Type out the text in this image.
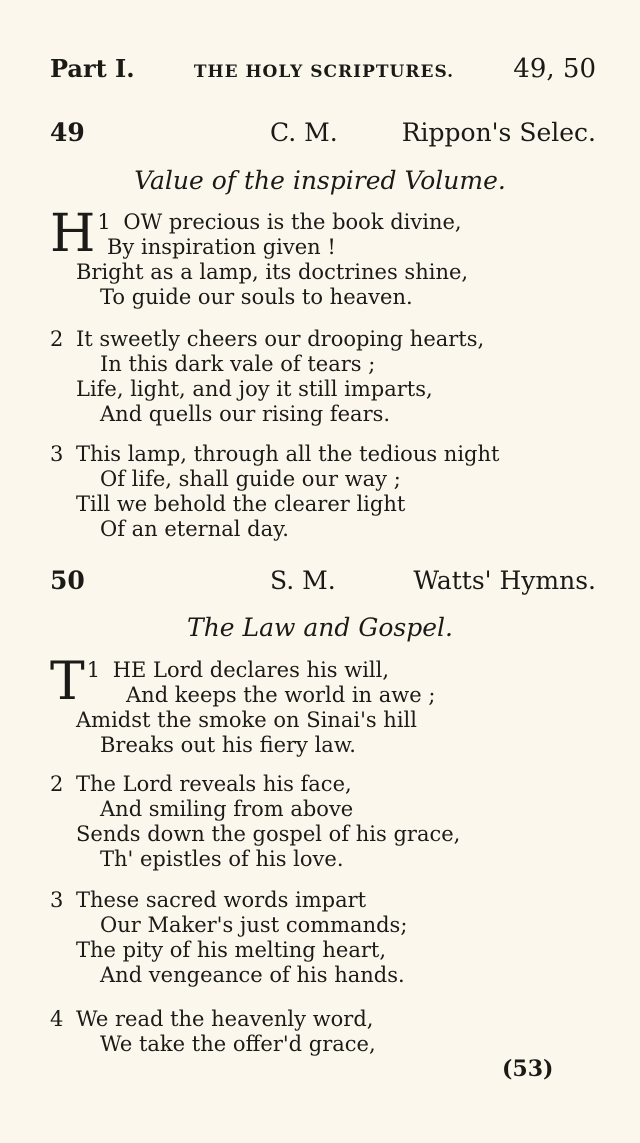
Part I.	THE HOLY SCRIPTURES. 49, 50
49	C. M.	Rippon's Selec.
Value of the inspired Volume.
1
H OW precious is the book divine,
By inspiration given !
Bright as a lamp, its doctrines shine,
To guide our souls to heaven.
2 It sweetly cheers our drooping hearts,
In this dark vale of tears ;
Life, light, and joy it still imparts,
And quells our rising fears.
3 This lamp, through all the tedious night
Of life, shall guide our way ;
Till we behold the clearer light
Of an eternal day.
50	S. M.	Watts' Hymns.
The Law and Gospel.
1
T HE Lord declares his will,
And keeps the world in awe ;
Amidst the smoke on Sinai's hill
Breaks out his fiery law.
2 The Lord reveals his face,
And smiling from above
Sends down the gospel of his grace,
Th' epistles of his love.
3 These sacred words impart
Our Maker's just commands;
The pity of his melting heart,
And vengeance of his hands.
4 We read the heavenly word,
We take the offer'd grace,
(53)
